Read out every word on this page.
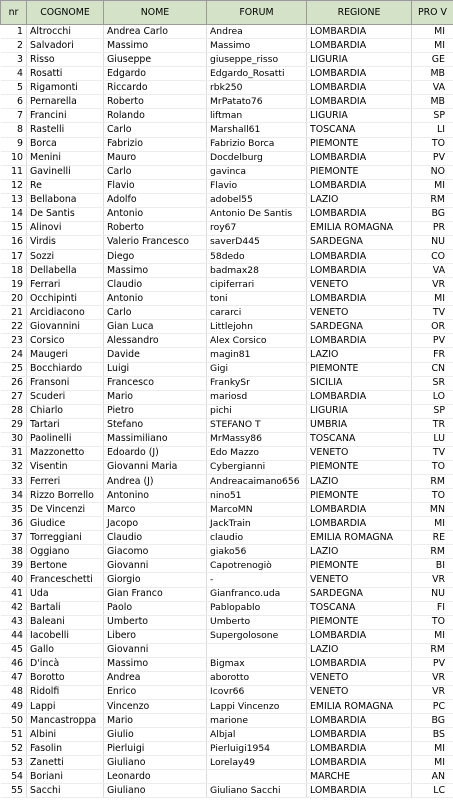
nr	COGNOME	NOME	FORUM	REGIONE	PRO V
1	Altrocchi	Andrea Carlo	Andrea	LOMBARDIA	MI
2	Salvadori	Massimo	Massimo	LOMBARDIA	MI
3	Risso	Giuseppe	giuseppe_risso	LIGURIA	GE
4	Rosatti	Edgardo	Edgardo_Rosatti	LOMBARDIA	MB
5	Rigamonti	Riccardo	rbk250	LOMBARDIA	VA
6	Pernarella	Roberto	MrPatato76	LOMBARDIA	MB
7	Francini	Rolando	liftman	LIGURIA	SP
8	Rastelli	Carlo	Marshall61	TOSCANA	LI
9	Borca	Fabrizio	Fabrizio Borca	PIEMONTE	TO
10	Menini	Mauro	Docdelburg	LOMBARDIA	PV
11	Gavinelli	Carlo	gavinca	PIEMONTE	NO
12	Re	Flavio	Flavio	LOMBARDIA	MI
13	Bellabona	Adolfo	adobel55	LAZIO	RM
14	De Santis	Antonio	Antonio De Santis	LOMBARDIA	BG
15	Alinovi	Roberto	roy67	EMILIA ROMAGNA	PR
16	Virdis	Valerio Francesco	saverD445	SARDEGNA	NU
17	Sozzi	Diego	58dedo	LOMBARDIA	CO
18	Dellabella	Massimo	badmax28	LOMBARDIA	VA
19	Ferrari	Claudio	cipiferrari	VENETO	VR
20	Occhipinti	Antonio	toni	LOMBARDIA	MI
21	Arcidiacono	Carlo	cararci	VENETO	TV
22	Giovannini	Gian Luca	Littlejohn	SARDEGNA	OR
23	Corsico	Alessandro	Alex Corsico	LOMBARDIA	PV
24	Maugeri	Davide	magin81	LAZIO	FR
25	Bocchiardo	Luigi	Gigi	PIEMONTE	CN
26	Fransoni	Francesco	FrankySr	SICILIA	SR
27	Scuderi	Mario	mariosd	LOMBARDIA	LO
28	Chiarlo	Pietro	pichi	LIGURIA	SP
29	Tartari	Stefano	STEFANO T	UMBRIA	TR
30	Paolinelli	Massimiliano	MrMassy86	TOSCANA	LU
31	Mazzonetto	Edoardo (J)	Edo Mazzo	VENETO	TV
32	Visentin	Giovanni Maria	Cybergianni	PIEMONTE	TO
33	Ferreri	Andrea (J)	Andreacaimano656	LAZIO	RM
34	Rizzo Borrello	Antonino	nino51	PIEMONTE	TO
35	De Vincenzi	Marco	MarcoMN	LOMBARDIA	MN
36	Giudice	Jacopo	JackTrain	LOMBARDIA	MI
37	Torreggiani	Claudio	claudio	EMILIA ROMAGNA	RE
38	Oggiano	Giacomo	giako56	LAZIO	RM
39	Bertone	Giovanni	Capotrenogiò	PIEMONTE	BI
40	Franceschetti	Giorgio	-	VENETO	VR
41	Uda	Gian Franco	Gianfranco.uda	SARDEGNA	NU
42	Bartali	Paolo	Pablopablo	TOSCANA	FI
43	Baleani	Umberto	Umberto	PIEMONTE	TO
44	Iacobelli	Libero	Supergolosone	LOMBARDIA	MI
45	Gallo	Giovanni		LAZIO	RM
46	D'incà	Massimo	Bigmax	LOMBARDIA	PV
47	Borotto	Andrea	aborotto	VENETO	VR
48	Ridolfi	Enrico	Icovr66	VENETO	VR
49	Lappi	Vincenzo	Lappi Vincenzo	EMILIA ROMAGNA	PC
50	Mancastroppa	Mario	marione	LOMBARDIA	BG
51	Albini	Giulio	Albjal	LOMBARDIA	BS
52	Fasolin	Pierluigi	Pierluigi1954	LOMBARDIA	MI
53	Zanetti	Giuliano	Lorelay49	LOMBARDIA	MI
54	Boriani	Leonardo		MARCHE	AN
55	Sacchi	Giuliano	Giuliano Sacchi	LOMBARDIA	LC
